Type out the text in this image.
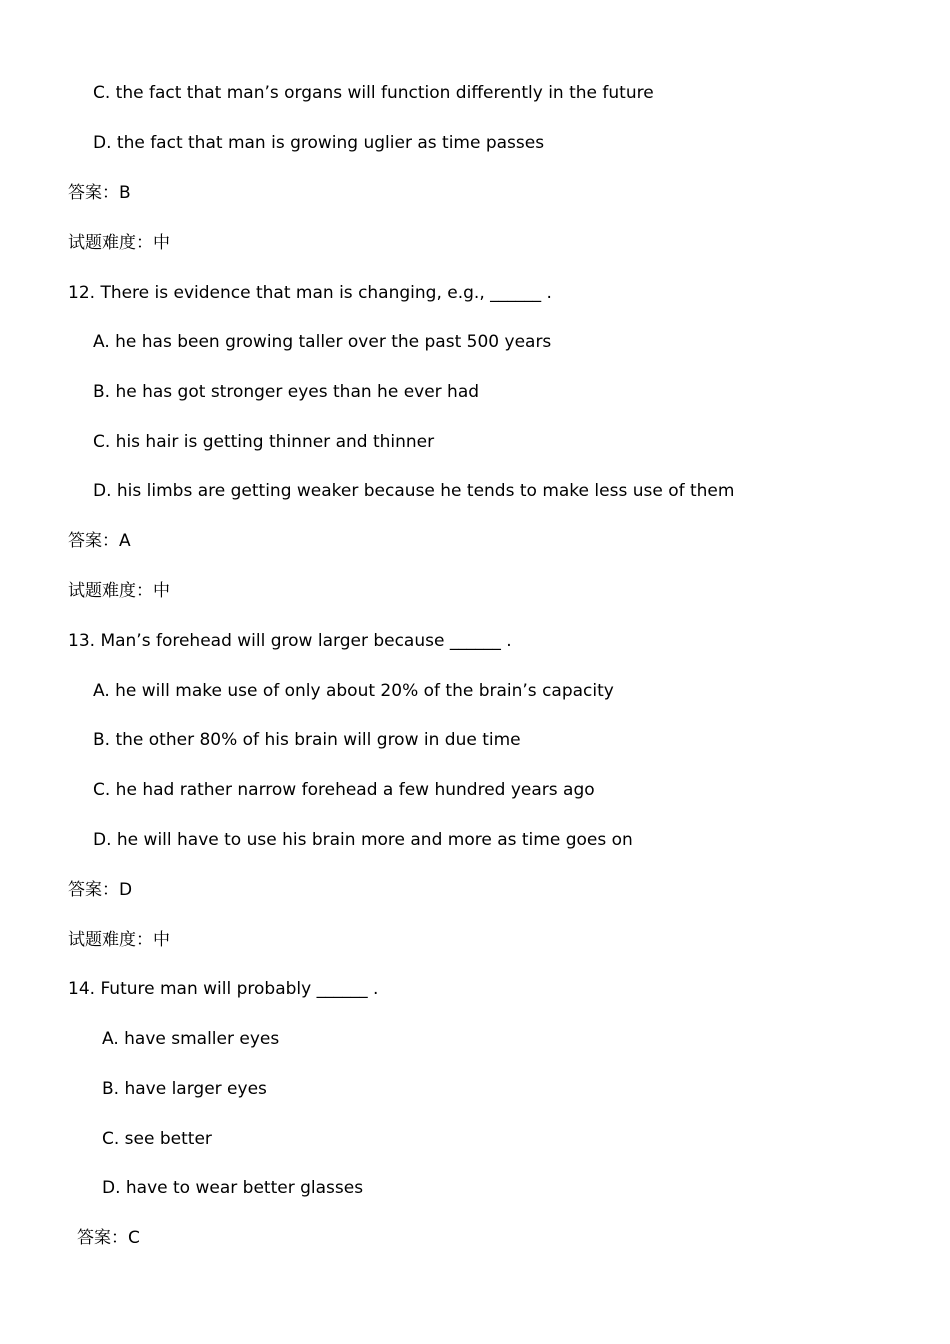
C. the fact that man’s organs will function differently in the future
D. the fact that man is growing uglier as time passes
答案：B
试题难度：中
12. There is evidence that man is changing, e.g., ______ .
A. he has been growing taller over the past 500 years
B. he has got stronger eyes than he ever had
C. his hair is getting thinner and thinner
D. his limbs are getting weaker because he tends to make less use of them
答案：A
试题难度：中
13. Man’s forehead will grow larger because ______ .
A. he will make use of only about 20% of the brain’s capacity
B. the other 80% of his brain will grow in due time
C. he had rather narrow forehead a few hundred years ago
D. he will have to use his brain more and more as time goes on
答案：D
试题难度：中
14. Future man will probably ______ .
A. have smaller eyes
B. have larger eyes
C. see better
D. have to wear better glasses
答案：C
